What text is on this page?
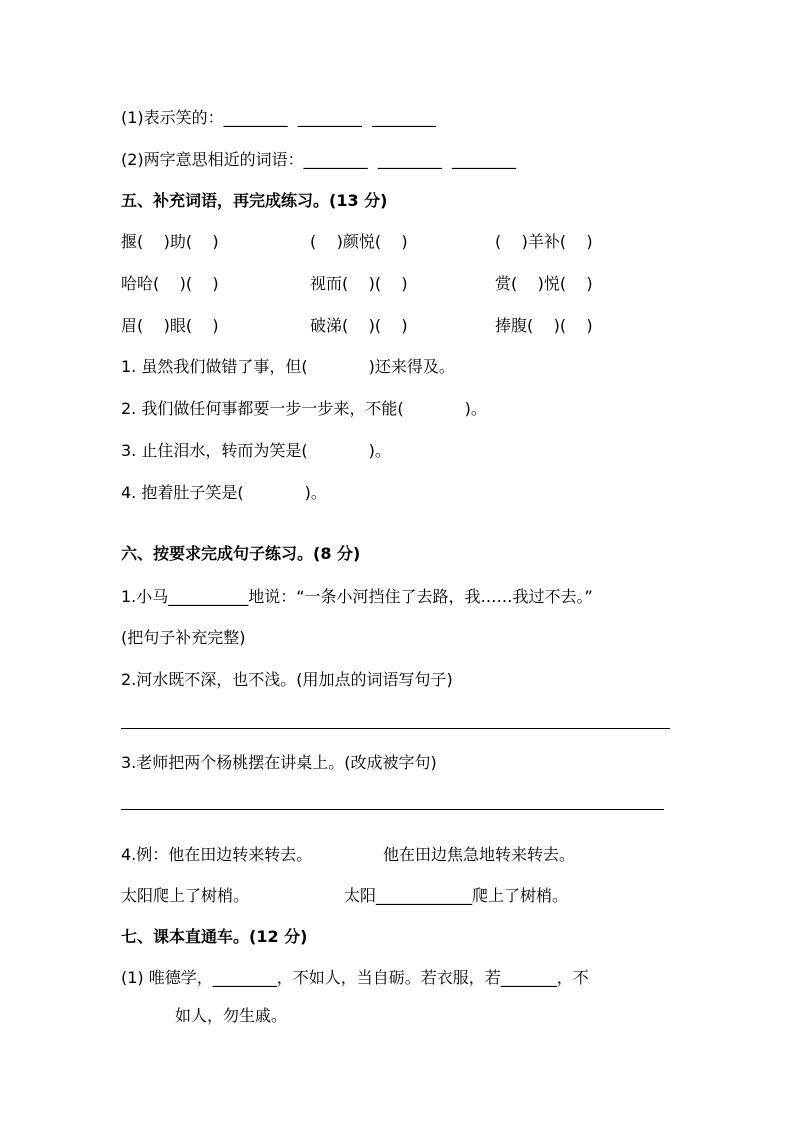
(1)表示笑的：________  ________  ________
(2)两字意思相近的词语：________  ________  ________
五、补充词语，再完成练习。(13 分)
揠(    )助(    )	(    )颜悦(    )	(    )羊补(    )
哈哈(    )(    )	视而(    )(    )	赏(    )悦(    )
眉(    )眼(    )	破涕(    )(    )	捧腹(    )(    )
1. 虽然我们做错了事，但(            )还来得及。
2. 我们做任何事都要一步一步来，不能(            )。
3. 止住泪水，转而为笑是(            )。
4. 抱着肚子笑是(            )。
六、按要求完成句子练习。(8 分)
1.小马__________地说：“一条小河挡住了去路，我……我过不去。”
(把句子补充完整)
2.河水既不深，也不浅。(用加点的词语写句子)
3.老师把两个杨桃摆在讲桌上。(改成被字句)
4.例：他在田边转来转去。	他在田边焦急地转来转去。
太阳爬上了树梢。	太阳____________爬上了树梢。
七、课本直通车。(12 分)
(1) 唯德学，________，不如人，当自砺。若衣服，若_______，不
如人，勿生戚。
